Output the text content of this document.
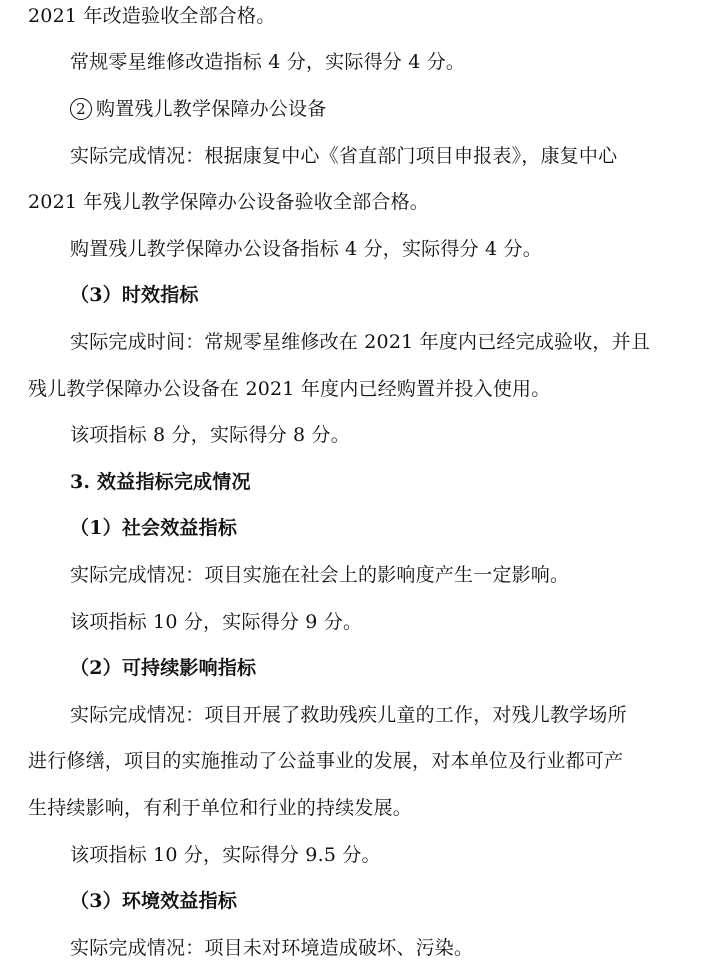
2021 年改造验收全部合格。
常规零星维修改造指标 4 分，实际得分 4 分。
2 购置残儿教学保障办公设备
实际完成情况：根据康复中心《省直部门项目申报表》，康复中心
2021 年残儿教学保障办公设备验收全部合格。
购置残儿教学保障办公设备指标 4 分，实际得分 4 分。
（3）时效指标
实际完成时间：常规零星维修改在 2021 年度内已经完成验收，并且
残儿教学保障办公设备在 2021 年度内已经购置并投入使用。
该项指标 8 分，实际得分 8 分。
3. 效益指标完成情况
（1）社会效益指标
实际完成情况：项目实施在社会上的影响度产生一定影响。
该项指标 10 分，实际得分 9 分。
（2）可持续影响指标
实际完成情况：项目开展了救助残疾儿童的工作，对残儿教学场所
进行修缮，项目的实施推动了公益事业的发展，对本单位及行业都可产
生持续影响，有利于单位和行业的持续发展。
该项指标 10 分，实际得分 9.5 分。
（3）环境效益指标
实际完成情况：项目未对环境造成破坏、污染。
